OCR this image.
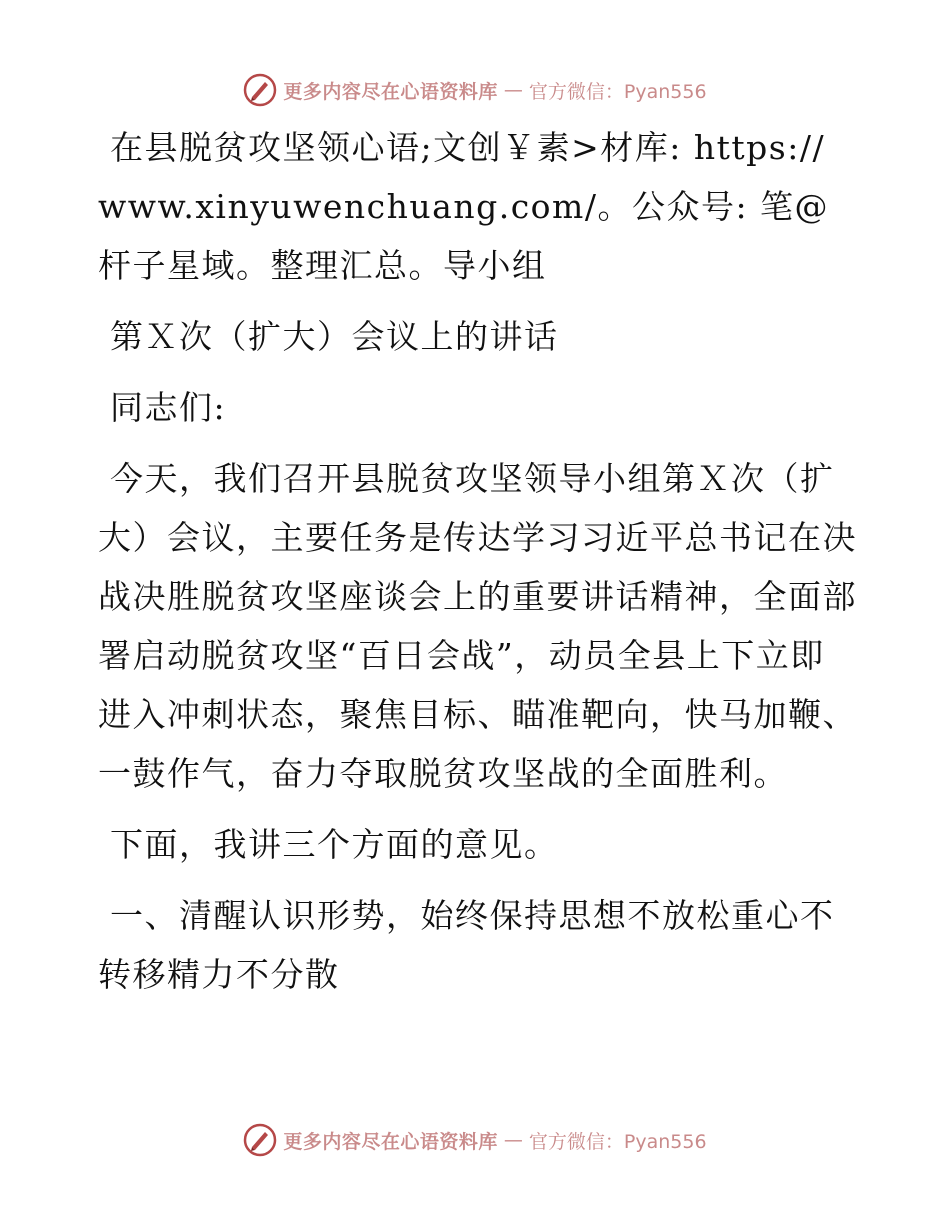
更多内容尽在心语资料库 — 官方微信：Pyan556

在县脱贫攻坚领心语;文创￥素>材库: https:// www.xinyuwenchuang.com/。公众号: 笔@杆子星域。整理汇总。导小组

第Ｘ次（扩大）会议上的讲话

同志们:

今天，我们召开县脱贫攻坚领导小组第Ｘ次（扩大）会议，主要任务是传达学习习近平总书记在决战决胜脱贫攻坚座谈会上的重要讲话精神，全面部署启动脱贫攻坚“百日会战”，动员全县上下立即进入冲刺状态，聚焦目标、瞄准靶向，快马加鞭、一鼓作气，奋力夺取脱贫攻坚战的全面胜利。

下面，我讲三个方面的意见。

一、清醒认识形势，始终保持思想不放松重心不转移精力不分散

更多内容尽在心语资料库 — 官方微信：Pyan556
